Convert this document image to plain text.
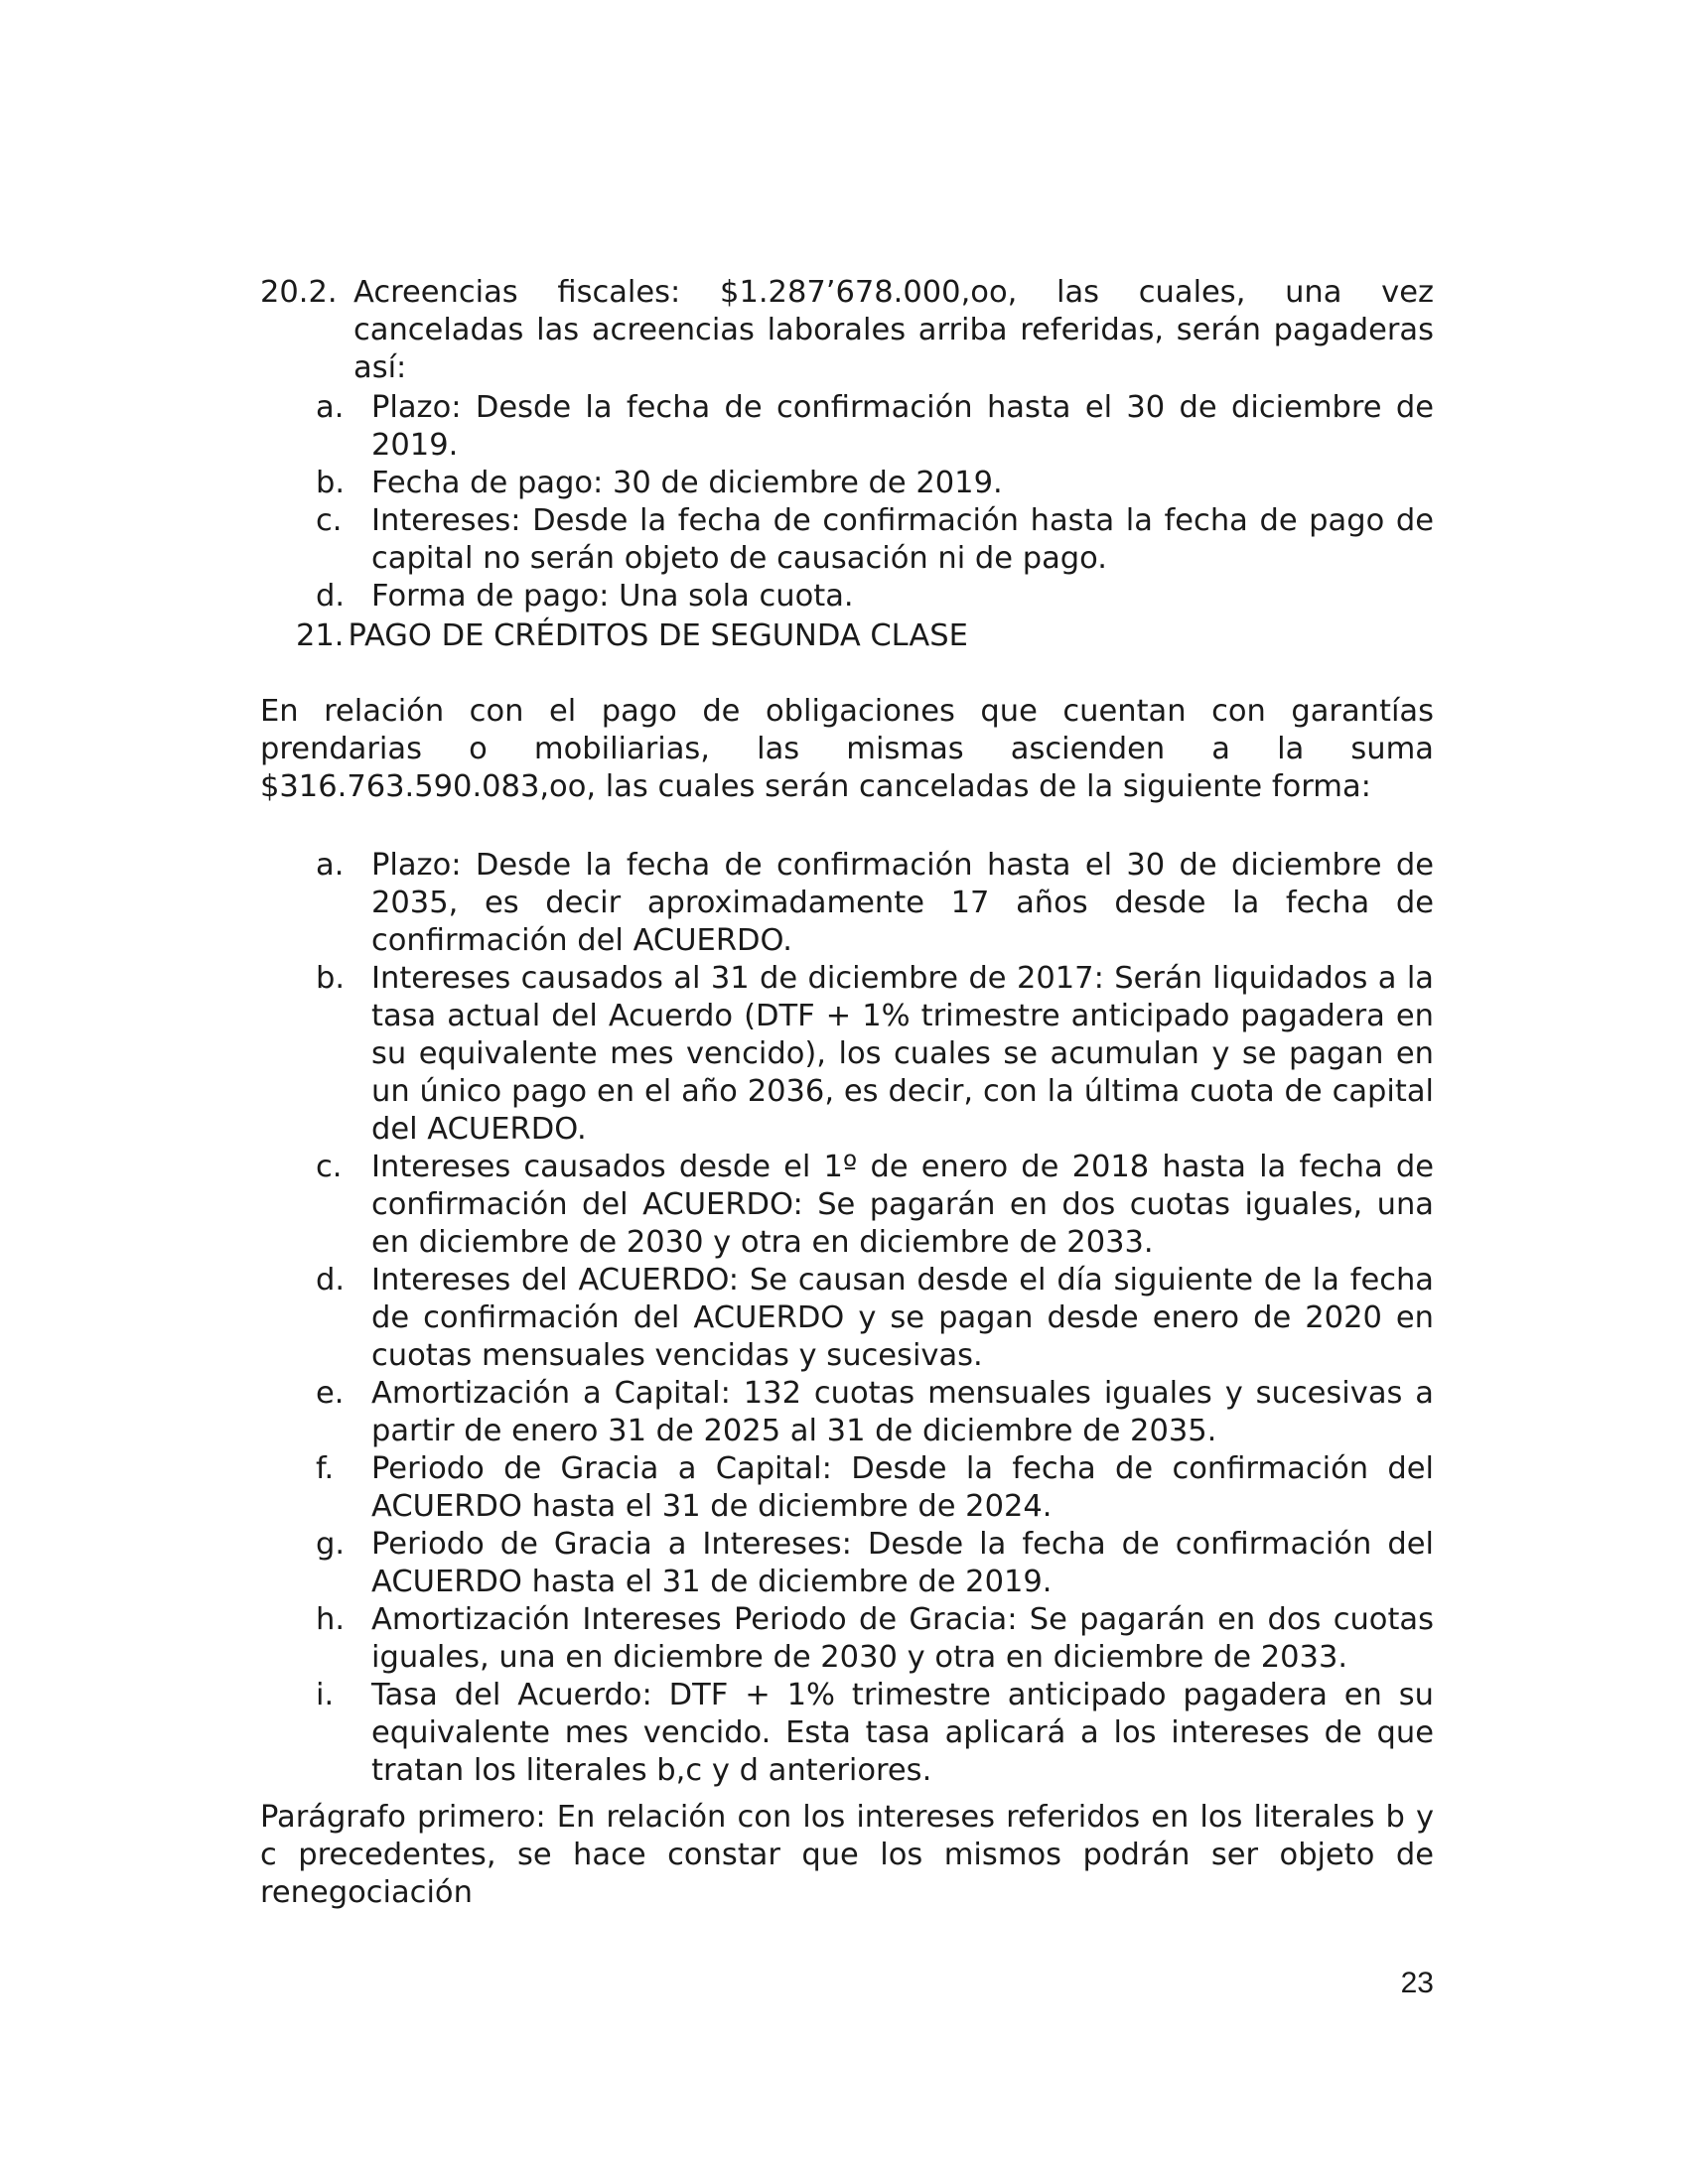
20.2. Acreencias fiscales: $1.287’678.000,oo, las cuales, una vez canceladas las acreencias laborales arriba referidas, serán pagaderas así:
a. Plazo: Desde la fecha de confirmación hasta el 30 de diciembre de 2019.
b. Fecha de pago: 30 de diciembre de 2019.
c. Intereses: Desde la fecha de confirmación hasta la fecha de pago de capital no serán objeto de causación ni de pago.
d. Forma de pago: Una sola cuota.
21. PAGO DE CRÉDITOS DE SEGUNDA CLASE
En relación con el pago de obligaciones que cuentan con garantías prendarias o mobiliarias, las mismas ascienden a la suma $316.763.590.083,oo, las cuales serán canceladas de la siguiente forma:
a. Plazo: Desde la fecha de confirmación hasta el 30 de diciembre de 2035, es decir aproximadamente 17 años desde la fecha de confirmación del ACUERDO.
b. Intereses causados al 31 de diciembre de 2017: Serán liquidados a la tasa actual del Acuerdo (DTF + 1% trimestre anticipado pagadera en su equivalente mes vencido), los cuales se acumulan y se pagan en un único pago en el año 2036, es decir, con la última cuota de capital del ACUERDO.
c. Intereses causados desde el 1º de enero de 2018 hasta la fecha de confirmación del ACUERDO: Se pagarán en dos cuotas iguales, una en diciembre de 2030 y otra en diciembre de 2033.
d. Intereses del ACUERDO: Se causan desde el día siguiente de la fecha de confirmación del ACUERDO y se pagan desde enero de 2020 en cuotas mensuales vencidas y sucesivas.
e. Amortización a Capital: 132 cuotas mensuales iguales y sucesivas a partir de enero 31 de 2025 al 31 de diciembre de 2035.
f.	Periodo de Gracia a Capital: Desde la fecha de confirmación del ACUERDO hasta el 31 de diciembre de 2024.
g. Periodo de Gracia a Intereses: Desde la fecha de confirmación del ACUERDO hasta el 31 de diciembre de 2019.
h. Amortización Intereses Periodo de Gracia: Se pagarán en dos cuotas iguales, una en diciembre de 2030 y otra en diciembre de 2033.
i.	Tasa del Acuerdo: DTF + 1% trimestre anticipado pagadera en su equivalente mes vencido. Esta tasa aplicará a los intereses de que tratan los literales b,c y d anteriores.
Parágrafo primero: En relación con los intereses referidos en los literales b y c precedentes, se hace constar que los mismos podrán ser objeto de renegociación
23
